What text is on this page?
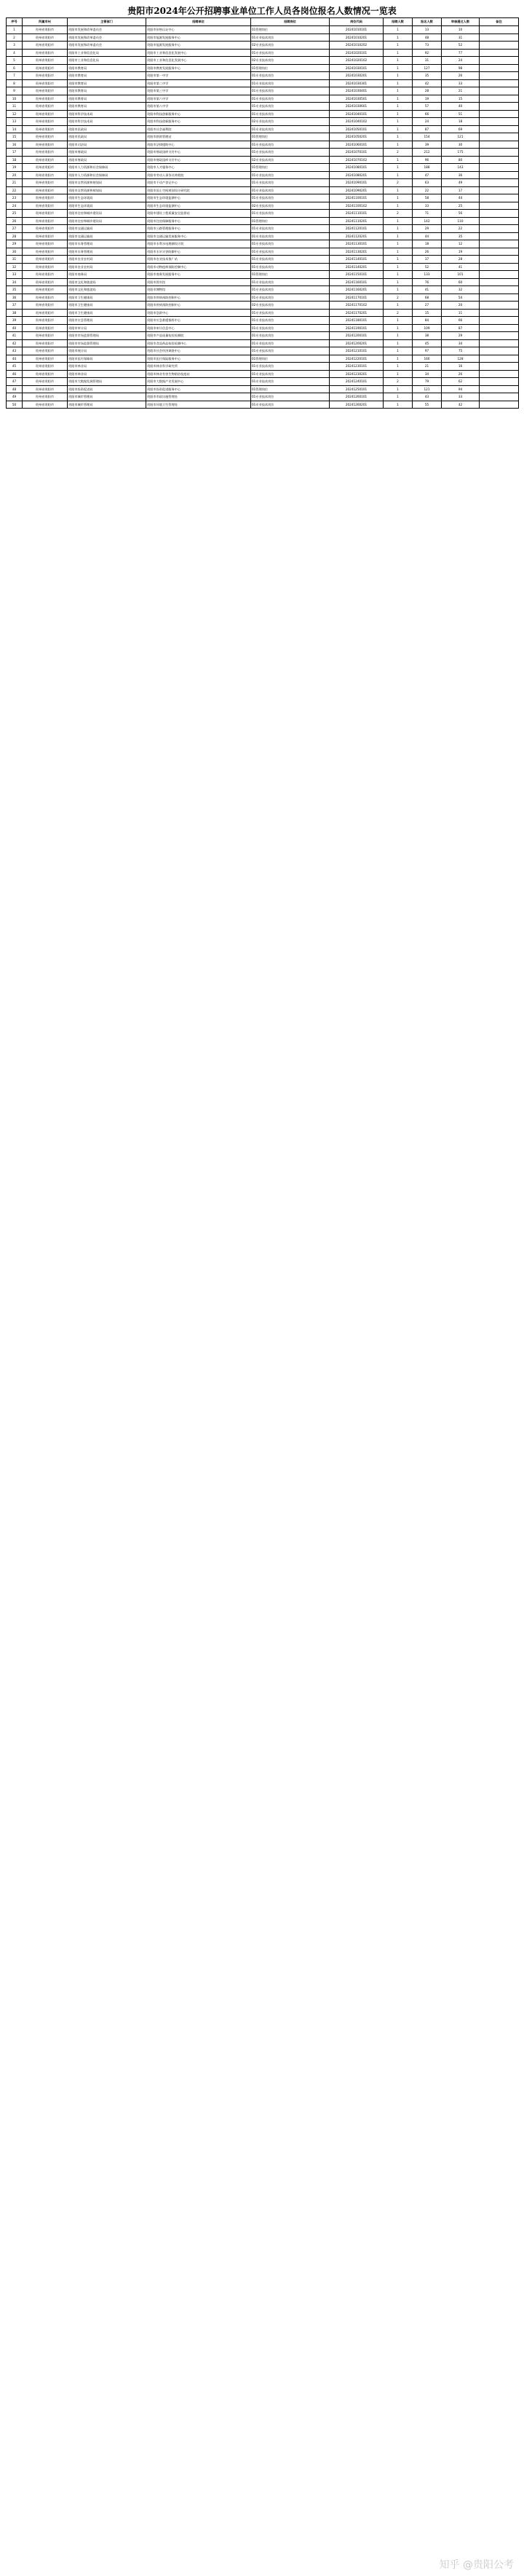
贵阳市2024年公开招聘事业单位工作人员各岗位报名人数情况一览表
序号	所属市州	主管部门	招聘单位	招聘岗位	岗位代码	招聘人数	报名人数	审核通过人数	备注
1	贵州省贵阳市	贵阳市发展和改革委员会	贵阳市价格认证中心	01管理岗位	20241010101	1	13	10	
2	贵州省贵阳市	贵阳市发展和改革委员会	贵阳市能源发展服务中心	01专业技术岗位	20241010201	1	48	31	
3	贵州省贵阳市	贵阳市发展和改革委员会	贵阳市能源发展服务中心	02专业技术岗位	20241010202	1	73	52	
4	贵州省贵阳市	贵阳市工业和信息化局	贵阳市工业和信息化发展中心	01专业技术岗位	20241020101	1	92	77	
5	贵州省贵阳市	贵阳市工业和信息化局	贵阳市工业和信息化发展中心	02专业技术岗位	20241020102	1	31	24	
6	贵州省贵阳市	贵阳市教育局	贵阳市教育发展服务中心	01管理岗位	20241030101	1	127	98	
7	贵州省贵阳市	贵阳市教育局	贵阳市第一中学	01专业技术岗位	20241030201	1	35	26	
8	贵州省贵阳市	贵阳市教育局	贵阳市第二中学	01专业技术岗位	20241030301	1	42	33	
9	贵州省贵阳市	贵阳市教育局	贵阳市第三中学	01专业技术岗位	20241030401	1	28	21	
10	贵州省贵阳市	贵阳市教育局	贵阳市第六中学	01专业技术岗位	20241030501	1	19	15	
11	贵州省贵阳市	贵阳市教育局	贵阳市第八中学	01专业技术岗位	20241030601	1	57	40	
12	贵州省贵阳市	贵阳市科学技术局	贵阳市科技创新服务中心	01专业技术岗位	20241040101	1	66	51	
13	贵州省贵阳市	贵阳市科学技术局	贵阳市科技创新服务中心	02专业技术岗位	20241040102	1	24	18	
14	贵州省贵阳市	贵阳市民政局	贵阳市社会福利院	01专业技术岗位	20241050101	1	87	69	
15	贵州省贵阳市	贵阳市民政局	贵阳市救助管理站	01管理岗位	20241050201	1	154	121	
16	贵州省贵阳市	贵阳市司法局	贵阳市法律援助中心	01专业技术岗位	20241060101	1	39	30	
17	贵州省贵阳市	贵阳市财政局	贵阳市财政国库支付中心	01专业技术岗位	20241070101	2	212	175	
18	贵州省贵阳市	贵阳市财政局	贵阳市财政国库支付中心	02专业技术岗位	20241070102	1	96	80	
19	贵州省贵阳市	贵阳市人力资源和社会保障局	贵阳市人才服务中心	01管理岗位	20241080101	1	188	143	
20	贵州省贵阳市	贵阳市人力资源和社会保障局	贵阳市劳动人事争议仲裁院	01专业技术岗位	20241080201	1	47	36	
21	贵州省贵阳市	贵阳市自然资源和规划局	贵阳市不动产登记中心	01专业技术岗位	20241090101	2	63	49	
22	贵州省贵阳市	贵阳市自然资源和规划局	贵阳市国土空间规划设计研究院	01专业技术岗位	20241090201	1	22	17	
23	贵州省贵阳市	贵阳市生态环境局	贵阳市生态环境监测中心	01专业技术岗位	20241100101	1	58	44	
24	贵州省贵阳市	贵阳市生态环境局	贵阳市生态环境监测中心	02专业技术岗位	20241100102	1	33	25	
25	贵州省贵阳市	贵阳市住房和城乡建设局	贵阳市建设工程质量安全监督站	01专业技术岗位	20241110101	2	71	56	
26	贵州省贵阳市	贵阳市住房和城乡建设局	贵阳市住房保障服务中心	01管理岗位	20241110201	1	142	110	
27	贵州省贵阳市	贵阳市交通运输局	贵阳市公路管理服务中心	01专业技术岗位	20241120101	1	29	22	
28	贵州省贵阳市	贵阳市交通运输局	贵阳市交通运输发展服务中心	01专业技术岗位	20241120201	1	44	35	
29	贵州省贵阳市	贵阳市水务管理局	贵阳市水利水电勘测设计院	01专业技术岗位	20241130101	1	18	12	
30	贵州省贵阳市	贵阳市水务管理局	贵阳市水旱灾害防御中心	01专业技术岗位	20241130201	1	26	19	
31	贵州省贵阳市	贵阳市农业农村局	贵阳市农业技术推广站	01专业技术岗位	20241140101	1	37	28	
32	贵州省贵阳市	贵阳市农业农村局	贵阳市动物疫病预防控制中心	01专业技术岗位	20241140201	1	52	41	
33	贵州省贵阳市	贵阳市商务局	贵阳市商务发展服务中心	01管理岗位	20241150101	1	133	101	
34	贵州省贵阳市	贵阳市文化和旅游局	贵阳市图书馆	01专业技术岗位	20241160101	1	76	60	
35	贵州省贵阳市	贵阳市文化和旅游局	贵阳市博物馆	01专业技术岗位	20241160201	1	41	32	
36	贵州省贵阳市	贵阳市卫生健康局	贵阳市疾病预防控制中心	01专业技术岗位	20241170101	2	68	54	
37	贵州省贵阳市	贵阳市卫生健康局	贵阳市疾病预防控制中心	02专业技术岗位	20241170102	1	27	20	
38	贵州省贵阳市	贵阳市卫生健康局	贵阳市急救中心	01专业技术岗位	20241170201	2	15	11	
39	贵州省贵阳市	贵阳市应急管理局	贵阳市应急救援指挥中心	01专业技术岗位	20241180101	1	84	66	
40	贵州省贵阳市	贵阳市审计局	贵阳市审计信息中心	01专业技术岗位	20241190101	1	109	87	
41	贵州省贵阳市	贵阳市市场监督管理局	贵阳市产品质量检验检测院	01专业技术岗位	20241200101	1	38	29	
42	贵州省贵阳市	贵阳市市场监督管理局	贵阳市食品药品检验检测中心	01专业技术岗位	20241200201	1	45	34	
43	贵州省贵阳市	贵阳市统计局	贵阳市社会经济调查中心	01专业技术岗位	20241210101	1	97	75	
44	贵州省贵阳市	贵阳市医疗保障局	贵阳市医疗保险服务中心	01管理岗位	20241220101	1	166	128	
45	贵州省贵阳市	贵阳市林业局	贵阳市林业科学研究所	01专业技术岗位	20241230101	1	21	16	
46	贵州省贵阳市	贵阳市林业局	贵阳市林业有害生物防治检疫站	01专业技术岗位	20241230201	1	34	26	
47	贵州省贵阳市	贵阳市大数据发展管理局	贵阳市大数据产业发展中心	01专业技术岗位	20241240101	2	79	62	
48	贵州省贵阳市	贵阳市投资促进局	贵阳市投资促进服务中心	01管理岗位	20241250101	1	121	94	
49	贵州省贵阳市	贵阳市城市管理局	贵阳市市政设施管理处	01专业技术岗位	20241260101	1	43	33	
50	贵州省贵阳市	贵阳市城市管理局	贵阳市环境卫生管理处	01专业技术岗位	20241260201	1	55	42	
知乎 @贵阳公考
